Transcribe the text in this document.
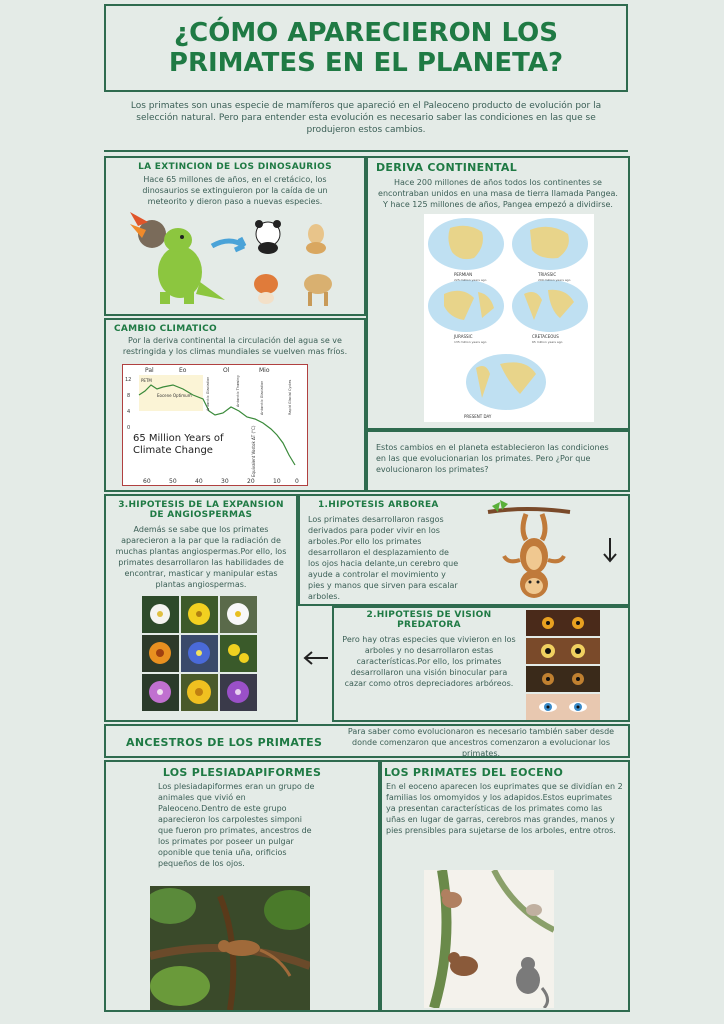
¿CÓMO APARECIERON LOS PRIMATES EN EL PLANETA?
Los primates son unas especie de mamíferos que apareció en el Paleoceno producto de evolución por la selección natural. Pero para entender esta evolución es necesario saber las condiciones en las que se produjeron estos cambios.
LA EXTINCION DE LOS DINOSAURIOS
Hace 65 millones de años, en el cretácico, los dinosaurios se extinguieron por la caída de un meteorito y dieron paso a nuevas especies.
DERIVA CONTINENTAL
Hace 200 millones de años todos los continentes se encontraban unidos en una masa de tierra llamada Pangea. Y hace 125 millones de años, Pangea empezó a dividirse.
PERMIAN
225 million years ago
TRIASSIC
200 million years ago
JURASSIC
135 million years ago
CRETACEOUS
65 million years ago
PRESENT DAY
CAMBIO CLIMATICO
Por la deriva continental la circulación del agua se ve restringida y los climas mundiales se vuelven mas fríos.
Pal	Eo	Ol	Mio
12
8
4
0
PETM
Eocene Optimum	Antarctic Glaciation	Antarctic Thawing	Antarctic Glaciation	Rapid Glacial Cycles
Equivalent Vostok ΔT (°C)
60	50	40	30	20	10 0
65 Million Years of Climate Change	Estos cambios en el planeta establecieron las condiciones en las que evolucionarian los primates. Pero ¿Por que evolucionaron los primates?
3.HIPOTESIS DE LA EXPANSION DE ANGIOSPERMAS
Además se sabe que los primates aparecieron a la par que la radiación de muchas plantas angiospermas.Por ello, los primates desarrollaron las habilidades de encontrar, masticar y manipular estas plantas angiospermas.
1.HIPOTESIS ARBOREA
Los primates desarrollaron rasgos derivados para poder vivir en los arboles.Por ello los primates desarrollaron el desplazamiento de los ojos hacia delante,un cerebro que ayude a controlar el movimiento y pies y manos que sirven para escalar arboles.
2.HIPOTESIS DE VISION PREDATORA
Pero hay otras especies que vivieron en los arboles y no desarrollaron estas características.Por ello, los primates desarrollaron una visión binocular para cazar como otros depreciadores arbóreos.
ANCESTROS DE LOS PRIMATES
Para saber como evolucionaron es necesario también saber desde donde comenzaron que ancestros comenzaron a evolucionar los primates.
LOS PLESIADAPIFORMES
Los plesiadapiformes eran un grupo de animales que vivió en Paleoceno.Dentro de este grupo aparecieron los carpolestes simponi que fueron pro primates, ancestros de los primates por poseer un pulgar oponible que tenia uña, orificios pequeños de los ojos.
LOS PRIMATES DEL EOCENO
En el eoceno aparecen los euprimates que se dividían en 2 familias los omomyidos y los adapidos.Estos euprimates ya presentan características de los primates como las uñas en lugar de garras, cerebros mas grandes, manos y pies prensibles para sujetarse de los arboles, entre otros.
